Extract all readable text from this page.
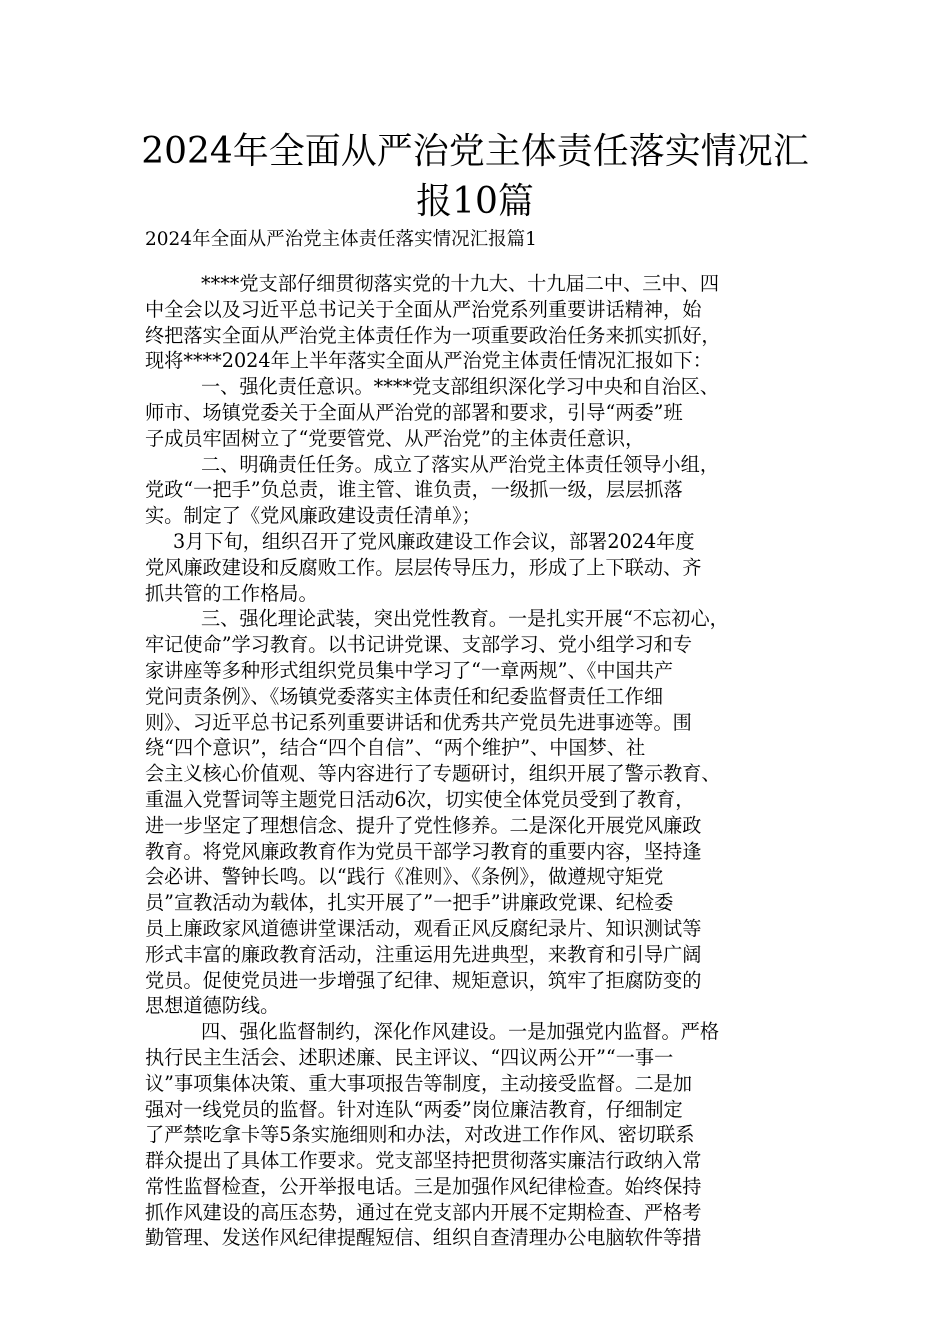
2024年全面从严治党主体责任落实情况汇
报10篇
2024年全面从严治党主体责任落实情况汇报篇1
****党支部仔细贯彻落实党的十九大、十九届二中、三中、四
中全会以及习近平总书记关于全面从严治党系列重要讲话精神，始
终把落实全面从严治党主体责任作为一项重要政治任务来抓实抓好，
现将****2024年上半年落实全面从严治党主体责任情况汇报如下：
一、强化责任意识。****党支部组织深化学习中央和自治区、
师市、场镇党委关于全面从严治党的部署和要求，引导“两委”班
子成员牢固树立了“党要管党、从严治党”的主体责任意识，
二、明确责任任务。成立了落实从严治党主体责任领导小组，
党政“一把手”负总责，谁主管、谁负责，一级抓一级，层层抓落
实。制定了《党风廉政建设责任清单》；
3月下旬，组织召开了党风廉政建设工作会议，部署2024年度
党风廉政建设和反腐败工作。层层传导压力，形成了上下联动、齐
抓共管的工作格局。
三、强化理论武装，突出党性教育。一是扎实开展“不忘初心，
牢记使命”学习教育。以书记讲党课、支部学习、党小组学习和专
家讲座等多种形式组织党员集中学习了“一章两规”、《中国共产
党问责条例》、《场镇党委落实主体责任和纪委监督责任工作细
则》、习近平总书记系列重要讲话和优秀共产党员先进事迹等。围
绕“四个意识”，结合“四个自信”、“两个维护”、中国梦、社
会主义核心价值观、等内容进行了专题研讨，组织开展了警示教育、
重温入党誓词等主题党日活动6次，切实使全体党员受到了教育，
进一步坚定了理想信念、提升了党性修养。二是深化开展党风廉政
教育。将党风廉政教育作为党员干部学习教育的重要内容，坚持逢
会必讲、警钟长鸣。以“践行《准则》、《条例》，做遵规守矩党
员”宣教活动为载体，扎实开展了”一把手”讲廉政党课、纪检委
员上廉政家风道德讲堂课活动，观看正风反腐纪录片、知识测试等
形式丰富的廉政教育活动，注重运用先进典型，来教育和引导广阔
党员。促使党员进一步增强了纪律、规矩意识，筑牢了拒腐防变的
思想道德防线。
四、强化监督制约，深化作风建设。一是加强党内监督。严格
执行民主生活会、述职述廉、民主评议、“四议两公开”“一事一
议”事项集体决策、重大事项报告等制度，主动接受监督。二是加
强对一线党员的监督。针对连队“两委”岗位廉洁教育，仔细制定
了严禁吃拿卡等5条实施细则和办法，对改进工作作风、密切联系
群众提出了具体工作要求。党支部坚持把贯彻落实廉洁行政纳入常
常性监督检查，公开举报电话。三是加强作风纪律检查。始终保持
抓作风建设的高压态势，通过在党支部内开展不定期检查、严格考
勤管理、发送作风纪律提醒短信、组织自查清理办公电脑软件等措
